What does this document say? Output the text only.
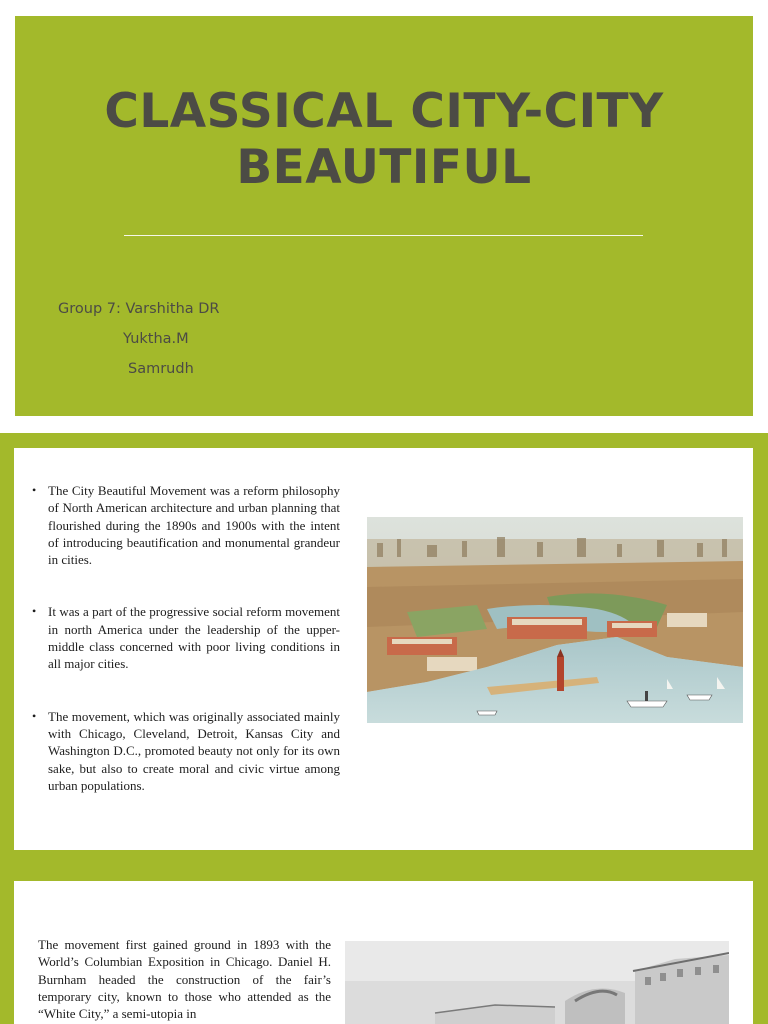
CLASSICAL CITY-CITY
BEAUTIFUL
Group 7: Varshitha DR
Yuktha.M
Samrudh
• The City Beautiful Movement was a reform philosophy of North American architecture and urban planning that flourished during the 1890s and 1900s with the intent of introducing beautification and monumental grandeur in cities.
• It was a part of the progressive social reform movement in north America under the leadership of the upper-middle class concerned with poor living conditions in all major cities.
• The movement, which was originally associated mainly with Chicago, Cleveland, Detroit, Kansas City and Washington D.C., promoted beauty not only for its own sake, but also to create moral and civic virtue among urban populations.

The movement first gained ground in 1893 with the World’s Columbian Exposition in Chicago. Daniel H. Burnham headed the construction of the fair’s temporary city, known to those who attended as the “White City,” a semi-utopia in
